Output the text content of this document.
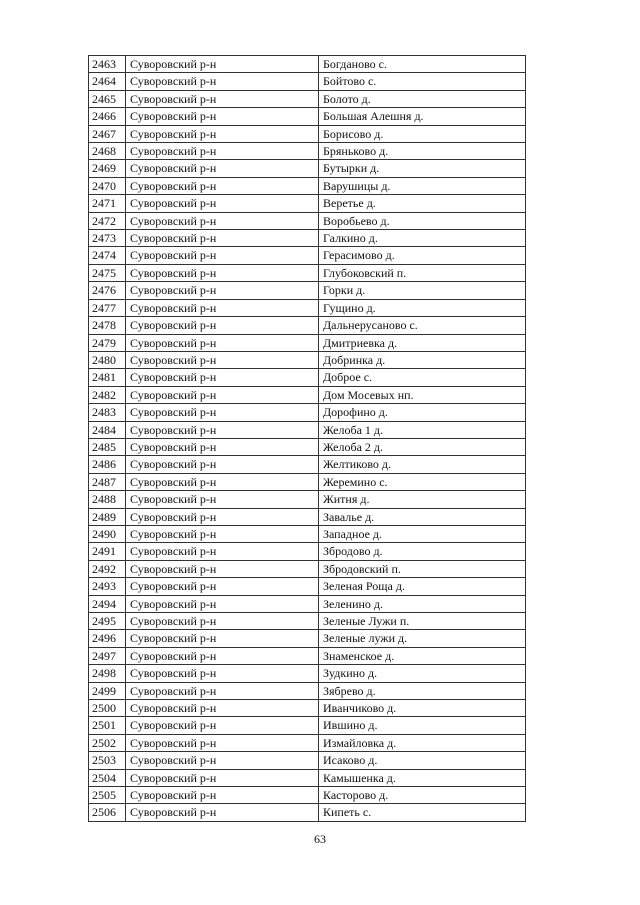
2463	Суворовский р-н	Богданово с.
2464	Суворовский р-н	Бойтово с.
2465	Суворовский р-н	Болото д.
2466	Суворовский р-н	Большая Алешня д.
2467	Суворовский р-н	Борисово д.
2468	Суворовский р-н	Бряньково д.
2469	Суворовский р-н	Бутырки д.
2470	Суворовский р-н	Варушицы д.
2471	Суворовский р-н	Веретье д.
2472	Суворовский р-н	Воробьево д.
2473	Суворовский р-н	Галкино д.
2474	Суворовский р-н	Герасимово д.
2475	Суворовский р-н	Глубоковский п.
2476	Суворовский р-н	Горки д.
2477	Суворовский р-н	Гущино д.
2478	Суворовский р-н	Дальнерусаново с.
2479	Суворовский р-н	Дмитриевка д.
2480	Суворовский р-н	Добринка д.
2481	Суворовский р-н	Доброе с.
2482	Суворовский р-н	Дом Мосевых нп.
2483	Суворовский р-н	Дорофино д.
2484	Суворовский р-н	Желоба 1 д.
2485	Суворовский р-н	Желоба 2 д.
2486	Суворовский р-н	Желтиково д.
2487	Суворовский р-н	Жеремино с.
2488	Суворовский р-н	Житня д.
2489	Суворовский р-н	Завалье д.
2490	Суворовский р-н	Западное д.
2491	Суворовский р-н	Збродово д.
2492	Суворовский р-н	Збродовский п.
2493	Суворовский р-н	Зеленая Роща д.
2494	Суворовский р-н	Зеленино д.
2495	Суворовский р-н	Зеленые Лужи п.
2496	Суворовский р-н	Зеленые лужи д.
2497	Суворовский р-н	Знаменское д.
2498	Суворовский р-н	Зудкино д.
2499	Суворовский р-н	Зябрево д.
2500	Суворовский р-н	Иванчиково д.
2501	Суворовский р-н	Ившино д.
2502	Суворовский р-н	Измайловка д.
2503	Суворовский р-н	Исаково д.
2504	Суворовский р-н	Камышенка д.
2505	Суворовский р-н	Касторово д.
2506	Суворовский р-н	Кипеть с.
63
